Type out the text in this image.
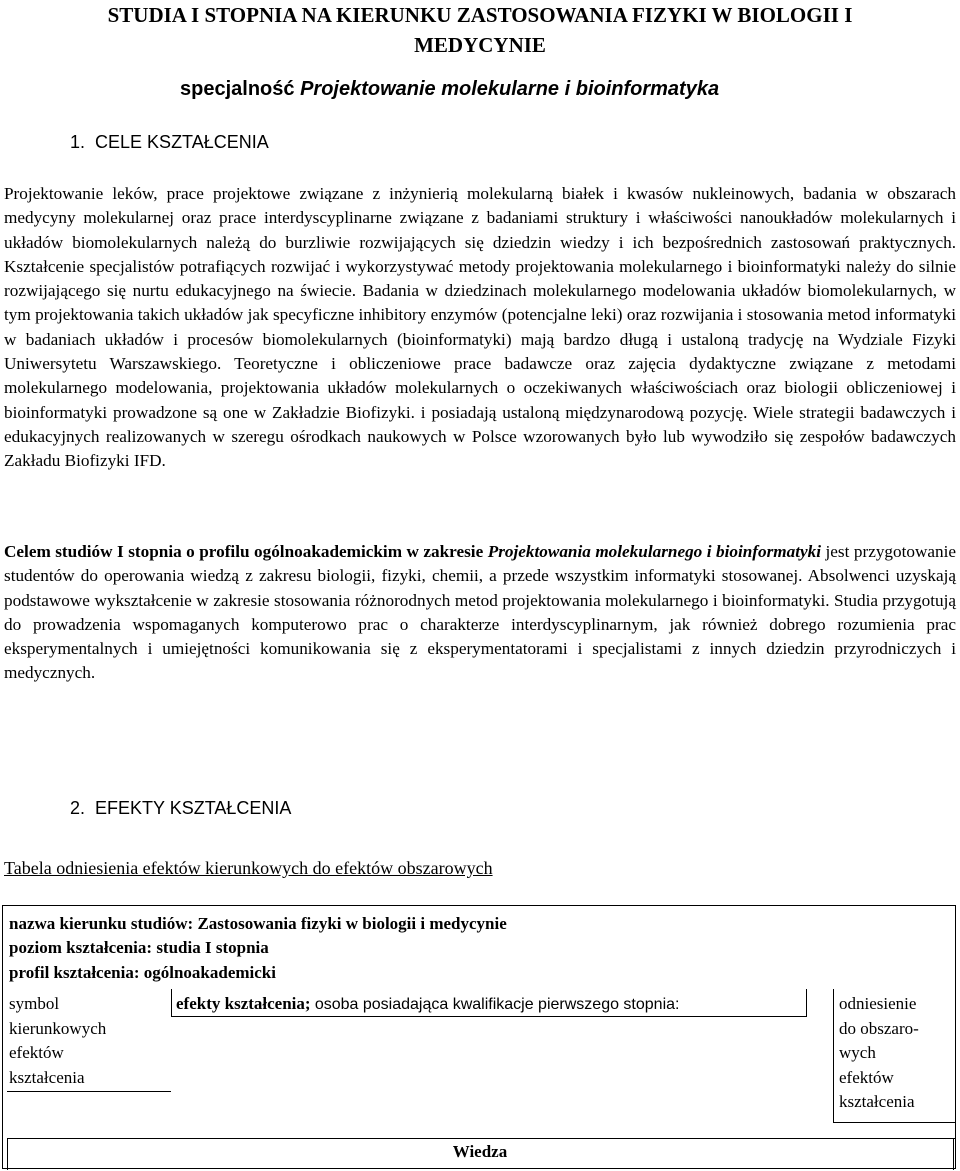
STUDIA I STOPNIA NA KIERUNKU ZASTOSOWANIA FIZYKI W BIOLOGII I
MEDYCYNIE
specjalność Projektowanie molekularne i bioinformatyka
1. CELE KSZTAŁCENIA
Projektowanie leków, prace projektowe związane z inżynierią molekularną białek i kwasów nukleinowych, badania w obszarach medycyny molekularnej oraz prace interdyscyplinarne związane z badaniami struktury i właściwości nanoukładów molekularnych i układów biomolekularnych należą do burzliwie rozwijających się dziedzin wiedzy i ich bezpośrednich zastosowań praktycznych. Kształcenie specjalistów potrafiących rozwijać i wykorzystywać metody projektowania molekularnego i bioinformatyki należy do silnie rozwijającego się nurtu edukacyjnego na świecie. Badania w dziedzinach molekularnego modelowania układów biomolekularnych, w tym projektowania takich układów jak specyficzne inhibitory enzymów (potencjalne leki) oraz rozwijania i stosowania metod informatyki w badaniach układów i procesów biomolekularnych (bioinformatyki) mają bardzo długą i ustaloną tradycję na Wydziale Fizyki Uniwersytetu Warszawskiego. Teoretyczne i obliczeniowe prace badawcze oraz zajęcia dydaktyczne związane z metodami molekularnego modelowania, projektowania układów molekularnych o oczekiwanych właściwościach oraz biologii obliczeniowej i bioinformatyki prowadzone są one w Zakładzie Biofizyki. i posiadają ustaloną międzynarodową pozycję. Wiele strategii badawczych i edukacyjnych realizowanych w szeregu ośrodkach naukowych w Polsce wzorowanych było lub wywodziło się zespołów badawczych Zakładu Biofizyki IFD.
Celem studiów I stopnia o profilu ogólnoakademickim w zakresie Projektowania molekularnego i bioinformatyki jest przygotowanie studentów do operowania wiedzą z zakresu biologii, fizyki, chemii, a przede wszystkim informatyki stosowanej. Absolwenci uzyskają podstawowe wykształcenie w zakresie stosowania różnorodnych metod projektowania molekularnego i bioinformatyki. Studia przygotują do prowadzenia wspomaganych komputerowo prac o charakterze interdyscyplinarnym, jak również dobrego rozumienia prac eksperymentalnych i umiejętności komunikowania się z eksperymentatorami i specjalistami z innych dziedzin przyrodniczych i medycznych.
2. EFEKTY KSZTAŁCENIA
Tabela odniesienia efektów kierunkowych do efektów obszarowych
nazwa kierunku studiów: Zastosowania fizyki w biologii i medycynie
poziom kształcenia: studia I stopnia
profil kształcenia: ogólnoakademicki
symbol
kierunkowych
efektów
kształcenia
efekty kształcenia; osoba posiadająca kwalifikacje pierwszego stopnia:	odniesienie
do obszaro-
wych
efektów
kształcenia
Wiedza
